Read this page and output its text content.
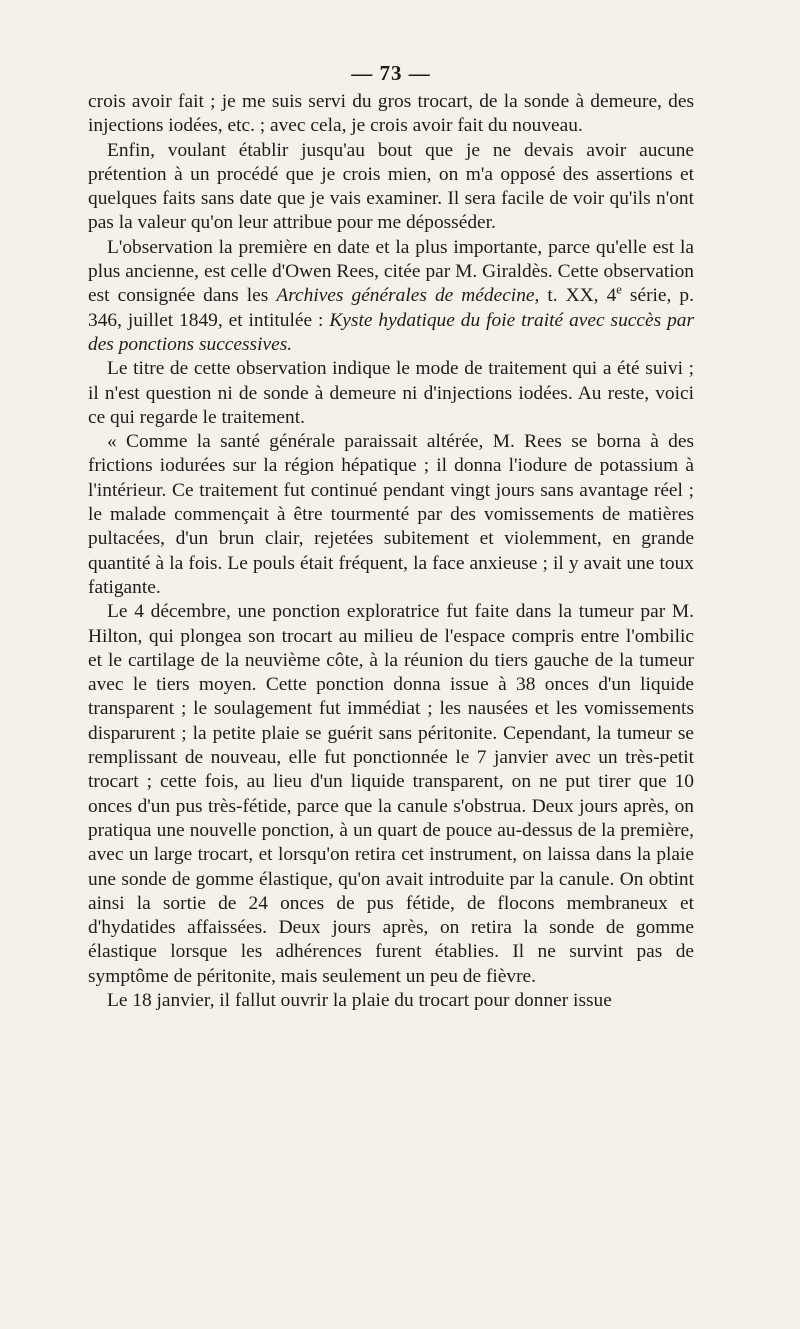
— 73 —

crois avoir fait ; je me suis servi du gros trocart, de la sonde à demeure, des injections iodées, etc. ; avec cela, je crois avoir fait du nouveau.

Enfin, voulant établir jusqu'au bout que je ne devais avoir aucune prétention à un procédé que je crois mien, on m'a opposé des assertions et quelques faits sans date que je vais examiner. Il sera facile de voir qu'ils n'ont pas la valeur qu'on leur attribue pour me déposséder.

L'observation la première en date et la plus importante, parce qu'elle est la plus ancienne, est celle d'Owen Rees, citée par M. Giraldès. Cette observation est consignée dans les Archives générales de médecine, t. XX, 4e série, p. 346, juillet 1849, et intitulée : Kyste hydatique du foie traité avec succès par des ponctions successives.

Le titre de cette observation indique le mode de traitement qui a été suivi ; il n'est question ni de sonde à demeure ni d'injections iodées. Au reste, voici ce qui regarde le traitement.

« Comme la santé générale paraissait altérée, M. Rees se borna à des frictions iodurées sur la région hépatique ; il donna l'iodure de potassium à l'intérieur. Ce traitement fut continué pendant vingt jours sans avantage réel ; le malade commençait à être tourmenté par des vomissements de matières pultacées, d'un brun clair, rejetées subitement et violemment, en grande quantité à la fois. Le pouls était fréquent, la face anxieuse ; il y avait une toux fatigante.

Le 4 décembre, une ponction exploratrice fut faite dans la tumeur par M. Hilton, qui plongea son trocart au milieu de l'espace compris entre l'ombilic et le cartilage de la neuvième côte, à la réunion du tiers gauche de la tumeur avec le tiers moyen. Cette ponction donna issue à 38 onces d'un liquide transparent ; le soulagement fut immédiat ; les nausées et les vomissements disparurent ; la petite plaie se guérit sans péritonite. Cependant, la tumeur se remplissant de nouveau, elle fut ponctionnée le 7 janvier avec un très-petit trocart ; cette fois, au lieu d'un liquide transparent, on ne put tirer que 10 onces d'un pus très-fétide, parce que la canule s'obstrua. Deux jours après, on pratiqua une nouvelle ponction, à un quart de pouce au-dessus de la première, avec un large trocart, et lorsqu'on retira cet instrument, on laissa dans la plaie une sonde de gomme élastique, qu'on avait introduite par la canule. On obtint ainsi la sortie de 24 onces de pus fétide, de flocons membraneux et d'hydatides affaissées. Deux jours après, on retira la sonde de gomme élastique lorsque les adhérences furent établies. Il ne survint pas de symptôme de péritonite, mais seulement un peu de fièvre.

Le 18 janvier, il fallut ouvrir la plaie du trocart pour donner issue
